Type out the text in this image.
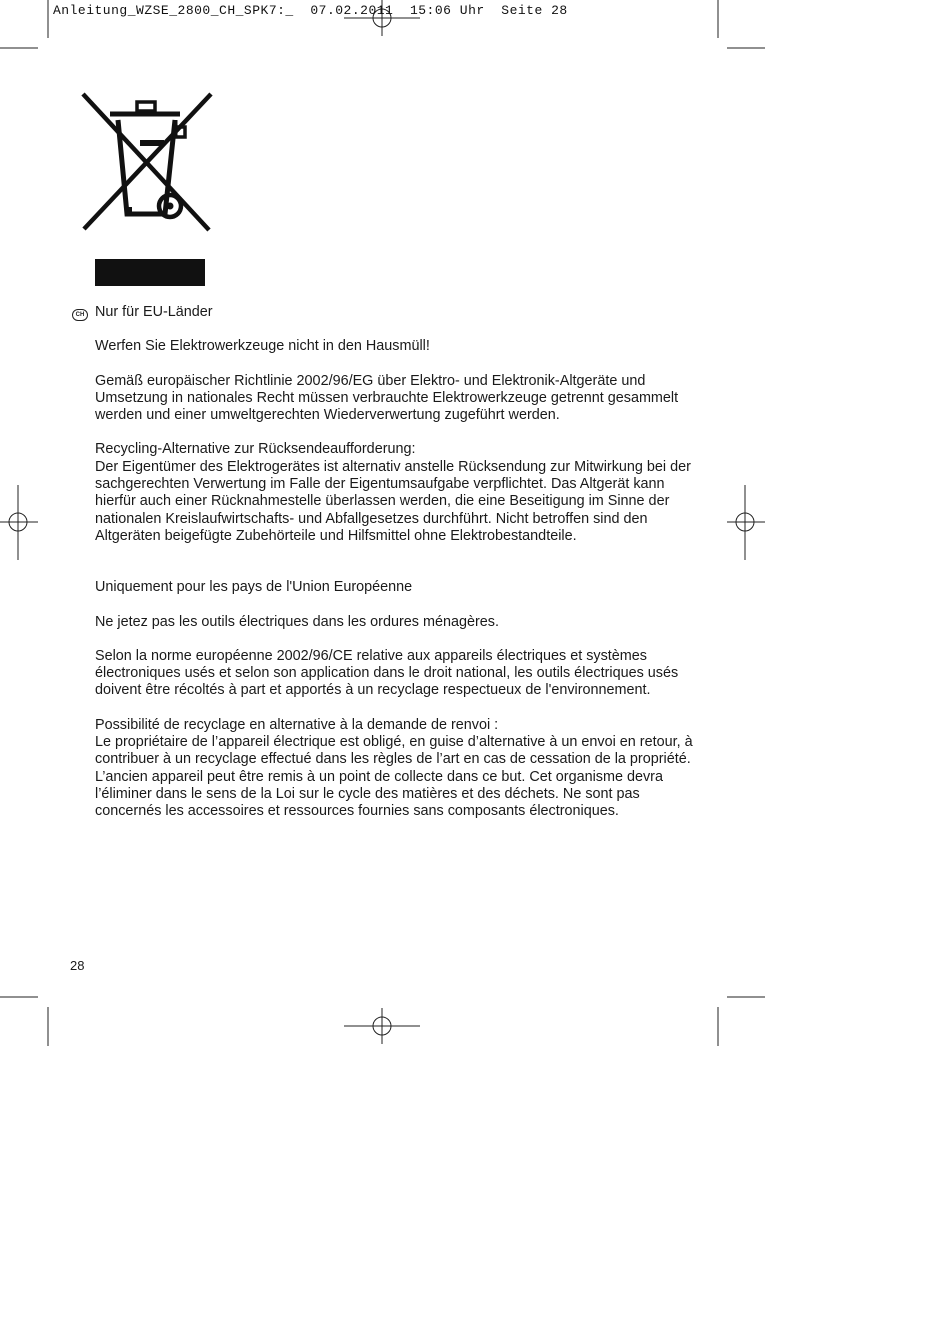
Anleitung_WZSE_2800_CH_SPK7:_  07.02.2011  15:06 Uhr  Seite 28
CH Nur für EU-Länder

Werfen Sie Elektrowerkzeuge nicht in den Hausmüll!

Gemäß europäischer Richtlinie 2002/96/EG über Elektro- und Elektronik-Altgeräte und Umsetzung in nationales Recht müssen verbrauchte Elektrowerkzeuge getrennt gesammelt werden und einer umweltgerechten Wiederverwertung zugeführt werden.

Recycling-Alternative zur Rücksendeaufforderung:

Der Eigentümer des Elektrogerätes ist alternativ anstelle Rücksendung zur Mitwirkung bei der sachgerechten Verwertung im Falle der Eigentumsaufgabe verpflichtet. Das Altgerät kann hierfür auch einer Rücknahmestelle überlassen werden, die eine Beseitigung im Sinne der nationalen Kreislaufwirtschafts- und Abfallgesetzes durchführt. Nicht betroffen sind den Altgeräten beigefügte Zubehörteile und Hilfsmittel ohne Elektrobestandteile.

Uniquement pour les pays de l'Union Européenne

Ne jetez pas les outils électriques dans les ordures ménagères.

Selon la norme européenne 2002/96/CE relative aux appareils électriques et systèmes électroniques usés et selon son application dans le droit national, les outils électriques usés doivent être récoltés à part et apportés à un recyclage respectueux de l'environnement.

Possibilité de recyclage en alternative à la demande de renvoi :

Le propriétaire de l’appareil électrique est obligé, en guise d’alternative à un envoi en retour, à contribuer à un recyclage effectué dans les règles de l’art en cas de cessation de la propriété. L’ancien appareil peut être remis à un point de collecte dans ce but. Cet organisme devra l’éliminer dans le sens de la Loi sur le cycle des matières et des déchets. Ne sont pas concernés les accessoires et ressources fournies sans composants électroniques.

28
